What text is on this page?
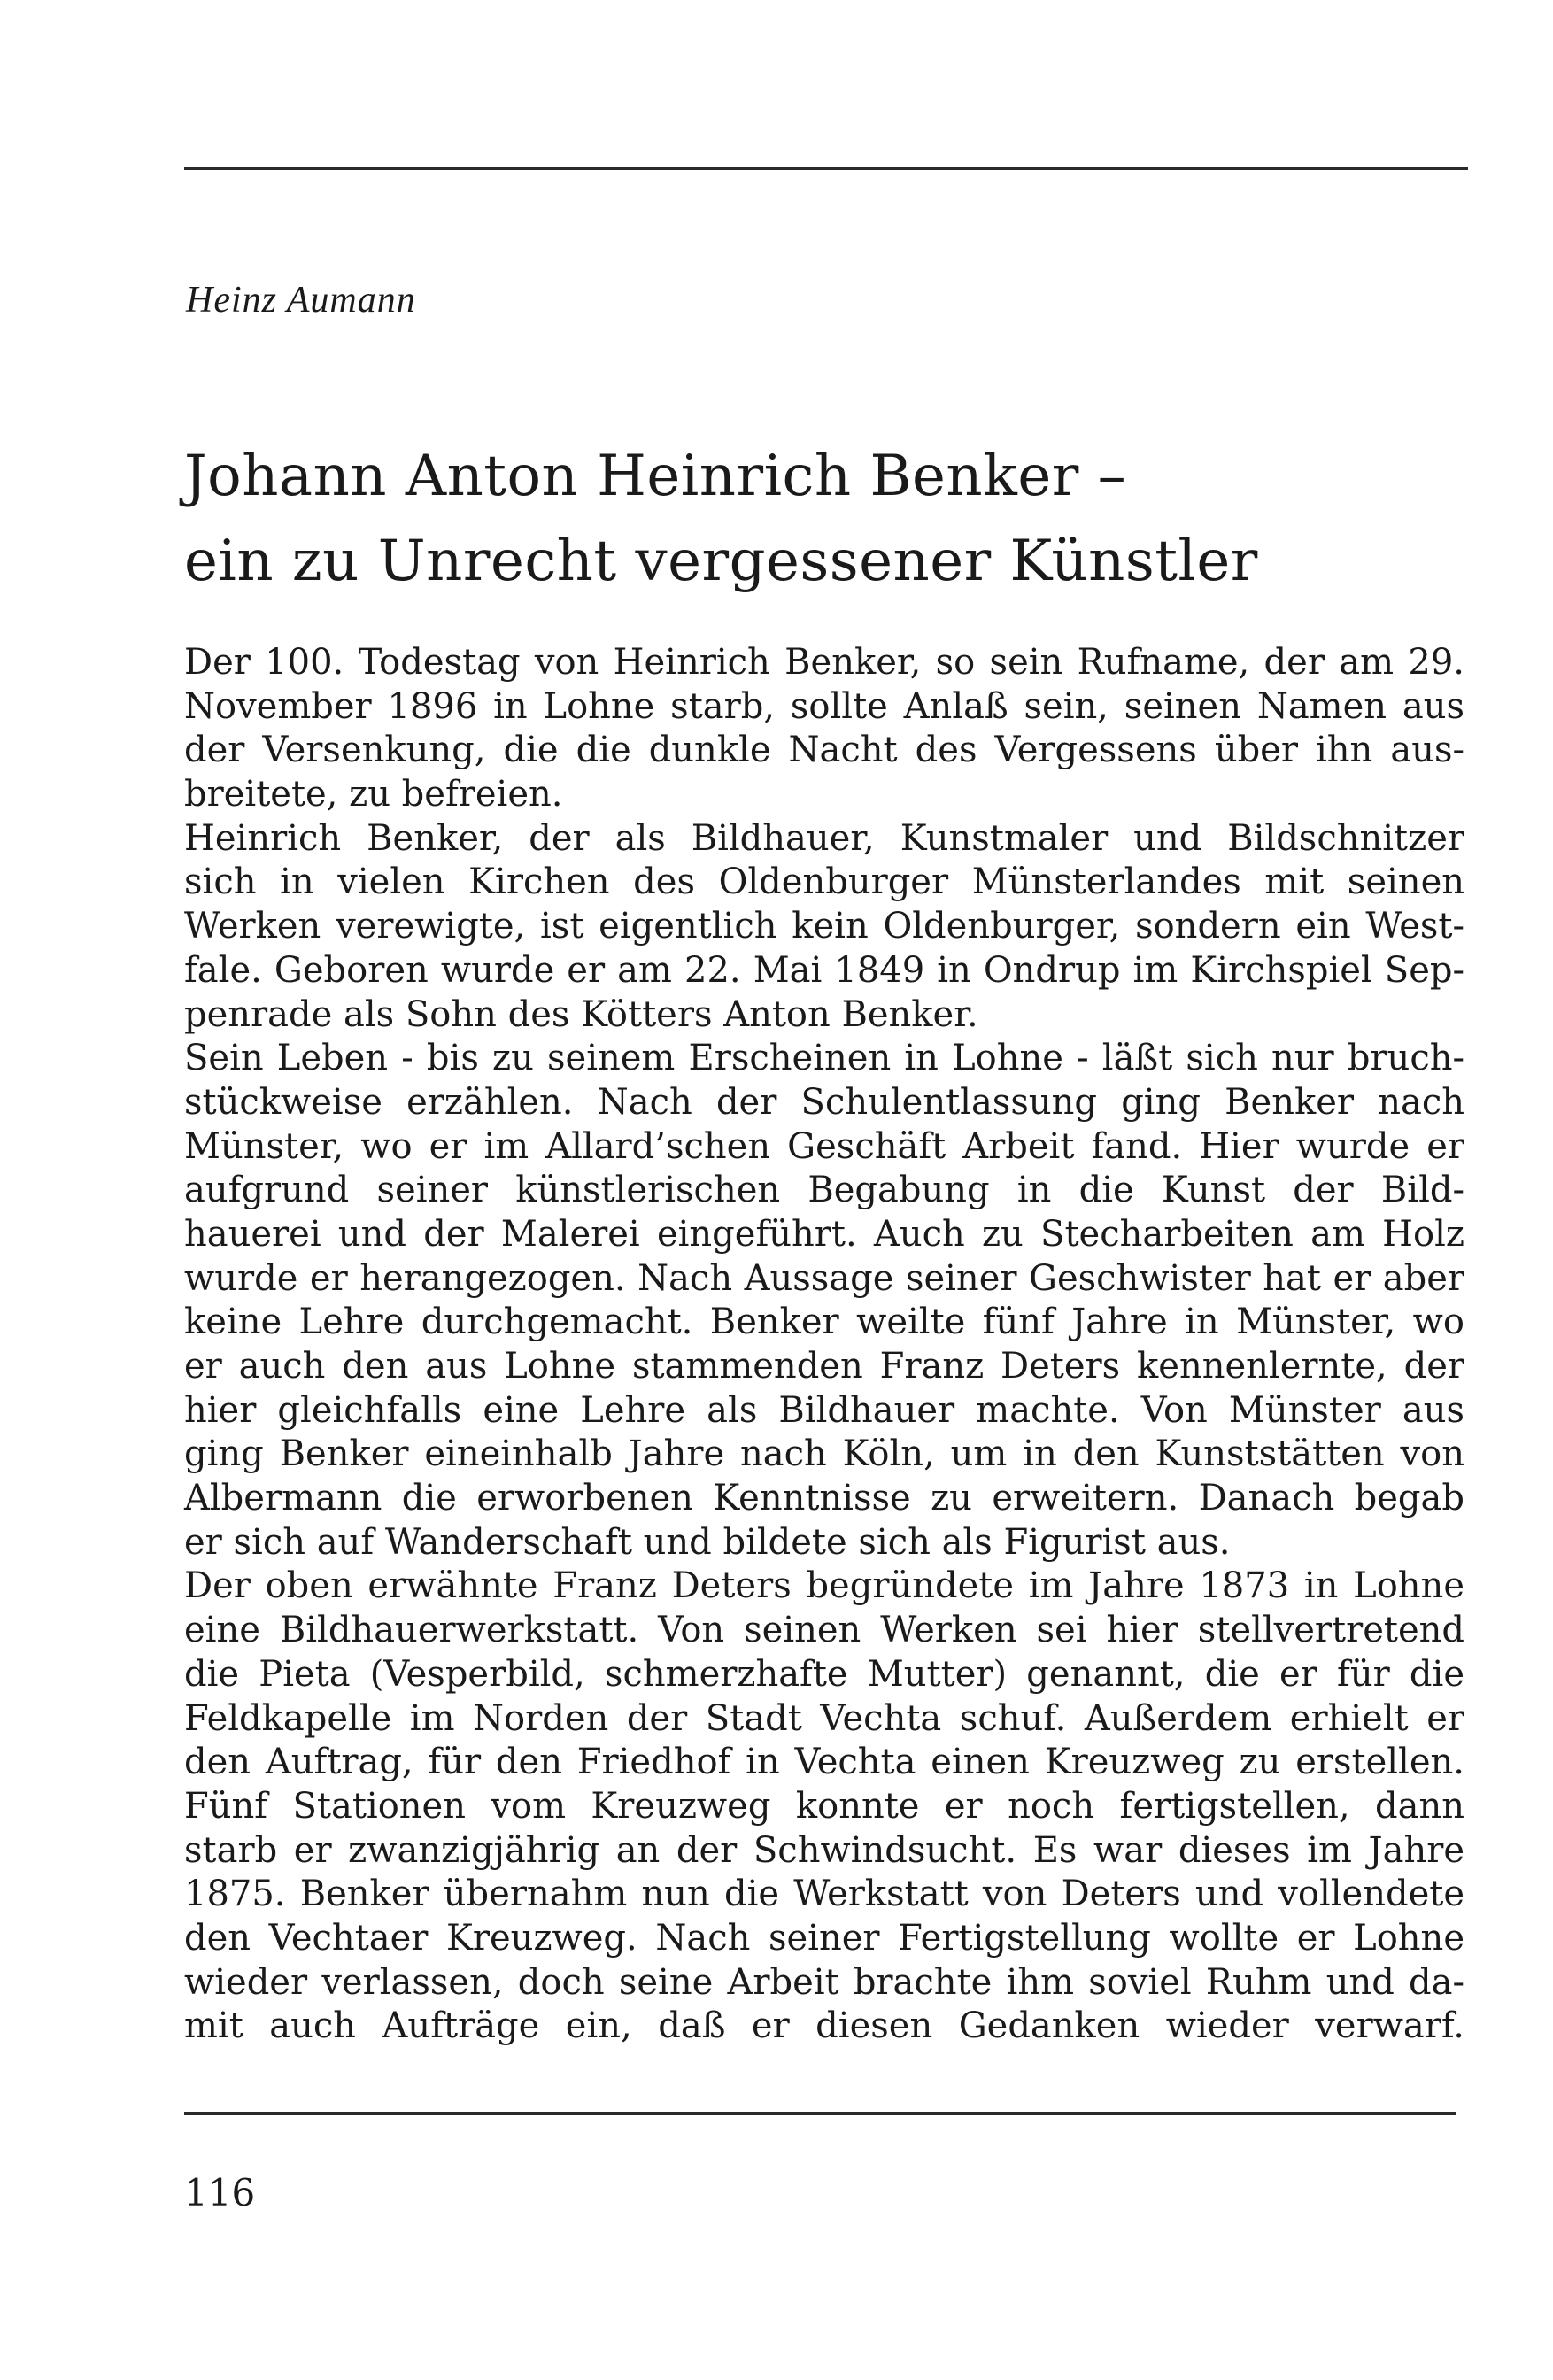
Heinz Aumann
Johann Anton Heinrich Benker –
ein zu Unrecht vergessener Künstler
Der 100. Todestag von Heinrich Benker, so sein Rufname, der am 29.
November 1896 in Lohne starb, sollte Anlaß sein, seinen Namen aus
der Versenkung, die die dunkle Nacht des Vergessens über ihn aus-
breitete, zu befreien.
Heinrich Benker, der als Bildhauer, Kunstmaler und Bildschnitzer
sich in vielen Kirchen des Oldenburger Münsterlandes mit seinen
Werken verewigte, ist eigentlich kein Oldenburger, sondern ein West-
fale. Geboren wurde er am 22. Mai 1849 in Ondrup im Kirchspiel Sep-
penrade als Sohn des Kötters Anton Benker.
Sein Leben - bis zu seinem Erscheinen in Lohne - läßt sich nur bruch-
stückweise erzählen. Nach der Schulentlassung ging Benker nach
Münster, wo er im Allard’schen Geschäft Arbeit fand. Hier wurde er
aufgrund seiner künstlerischen Begabung in die Kunst der Bild-
hauerei und der Malerei eingeführt. Auch zu Stecharbeiten am Holz
wurde er herangezogen. Nach Aussage seiner Geschwister hat er aber
keine Lehre durchgemacht. Benker weilte fünf Jahre in Münster, wo
er auch den aus Lohne stammenden Franz Deters kennenlernte, der
hier gleichfalls eine Lehre als Bildhauer machte. Von Münster aus
ging Benker eineinhalb Jahre nach Köln, um in den Kunststätten von
Albermann die erworbenen Kenntnisse zu erweitern. Danach begab
er sich auf Wanderschaft und bildete sich als Figurist aus.
Der oben erwähnte Franz Deters begründete im Jahre 1873 in Lohne
eine Bildhauerwerkstatt. Von seinen Werken sei hier stellvertretend
die Pieta (Vesperbild, schmerzhafte Mutter) genannt, die er für die
Feldkapelle im Norden der Stadt Vechta schuf. Außerdem erhielt er
den Auftrag, für den Friedhof in Vechta einen Kreuzweg zu erstellen.
Fünf Stationen vom Kreuzweg konnte er noch fertigstellen, dann
starb er zwanzigjährig an der Schwindsucht. Es war dieses im Jahre
1875. Benker übernahm nun die Werkstatt von Deters und vollendete
den Vechtaer Kreuzweg. Nach seiner Fertigstellung wollte er Lohne
wieder verlassen, doch seine Arbeit brachte ihm soviel Ruhm und da-
mit auch Aufträge ein, daß er diesen Gedanken wieder verwarf.
116
